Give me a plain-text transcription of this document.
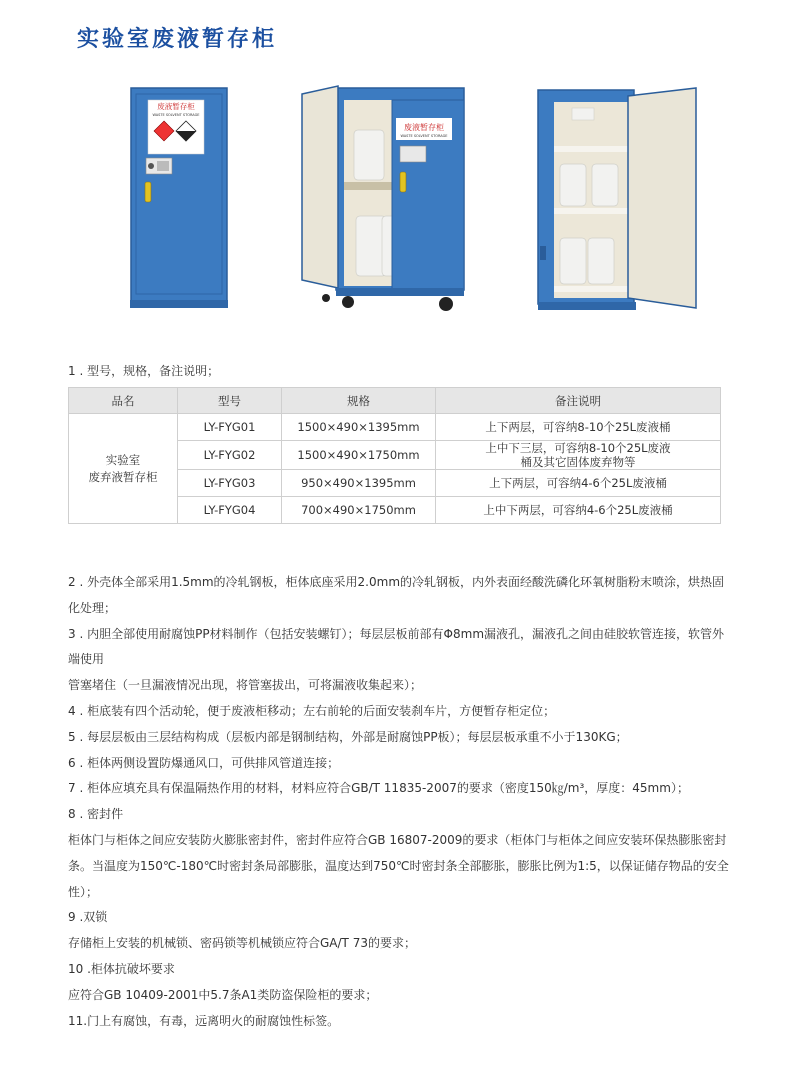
实验室废液暂存柜
废液暂存柜
WASTE SOLVENT STORAGE
废液暂存柜
WASTE SOLVENT STORAGE
1 . 型号，规格，备注说明；
品名	型号	规格	备注说明
实验室
废弃液暂存柜	LY-FYG01	1500×490×1395mm	上下两层，可容纳8-10个25L废液桶
	LY-FYG02	1500×490×1750mm	上中下三层，可容纳8-10个25L废液
桶及其它固体废弃物等
	LY-FYG03	950×490×1395mm	上下两层，可容纳4-6个25L废液桶
	LY-FYG04	700×490×1750mm	上中下两层，可容纳4-6个25L废液桶

2 . 外壳体全部采用1.5mm的冷轧钢板，柜体底座采用2.0mm的冷轧钢板，内外表面经酸洗磷化环氧树脂粉末喷涂，烘热固化处理；

3 . 内胆全部使用耐腐蚀PP材料制作（包括安装螺钉）；每层层板前部有Φ8mm漏液孔，漏液孔之间由硅胶软管连接，软管外端使用

管塞堵住（一旦漏液情况出现，将管塞拔出，可将漏液收集起来）；

4 . 柜底装有四个活动轮，便于废液柜移动；左右前轮的后面安装刹车片，方便暂存柜定位；

5 . 每层层板由三层结构构成（层板内部是钢制结构，外部是耐腐蚀PP板）；每层层板承重不小于130KG；

6 . 柜体两侧设置防爆通风口，可供排风管道连接；

7 . 柜体应填充具有保温隔热作用的材料，材料应符合GB/T 11835-2007的要求（密度150㎏/m³，厚度：45mm）；

8 . 密封件

柜体门与柜体之间应安装防火膨胀密封件，密封件应符合GB 16807-2009的要求（柜体门与柜体之间应安装环保热膨胀密封条。当温度为150℃-180℃时密封条局部膨胀，温度达到750℃时密封条全部膨胀，膨胀比例为1:5，以保证储存物品的安全性）；

9 .双锁

存储柜上安装的机械锁、密码锁等机械锁应符合GA/T 73的要求；

10 .柜体抗破坏要求

应符合GB 10409-2001中5.7条A1类防盗保险柜的要求；

11.门上有腐蚀，有毒，远离明火的耐腐蚀性标签。
